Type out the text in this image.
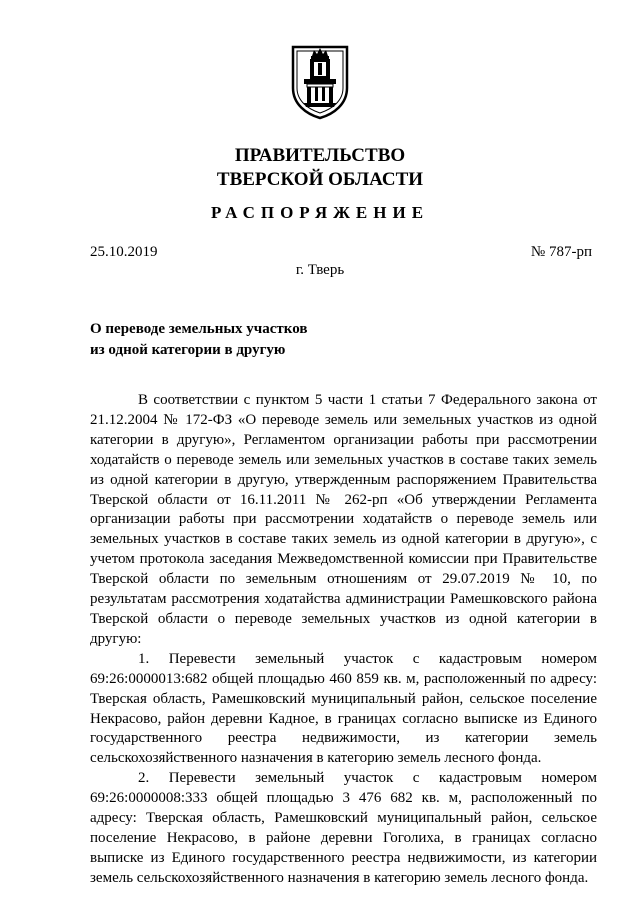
ПРАВИТЕЛЬСТВО
ТВЕРСКОЙ ОБЛАСТИ
РАСПОРЯЖЕНИЕ
25.10.2019	№ 787-рп
г. Тверь
О переводе земельных участков
из одной категории в другую

В соответствии с пунктом 5 части 1 статьи 7 Федерального закона от 21.12.2004 № 172-ФЗ «О переводе земель или земельных участков из одной категории в другую», Регламентом организации работы при рассмотрении ходатайств о переводе земель или земельных участков в составе таких земель из одной категории в другую, утвержденным распоряжением Правительства Тверской области от 16.11.2011 № 262-рп «Об утверждении Регламента организации работы при рассмотрении ходатайств о переводе земель или земельных участков в составе таких земель из одной категории в другую», с учетом протокола заседания Межведомственной комиссии при Правительстве Тверской области по земельным отношениям от 29.07.2019 № 10, по результатам рассмотрения ходатайства администрации Рамешковского района Тверской области о переводе земельных участков из одной категории в другую:

1. Перевести земельный участок с кадастровым номером 69:26:0000013:682 общей площадью 460 859 кв. м, расположенный по адресу: Тверская область, Рамешковский муниципальный район, сельское поселение Некрасово, район деревни Кадное, в границах согласно выписке из Единого государственного реестра недвижимости, из категории земель сельскохозяйственного назначения в категорию земель лесного фонда.

2. Перевести земельный участок с кадастровым номером 69:26:0000008:333 общей площадью 3 476 682 кв. м, расположенный по адресу: Тверская область, Рамешковский муниципальный район, сельское поселение Некрасово, в районе деревни Гоголиха, в границах согласно выписке из Единого государственного реестра недвижимости, из категории земель сельскохозяйственного назначения в категорию земель лесного фонда.
